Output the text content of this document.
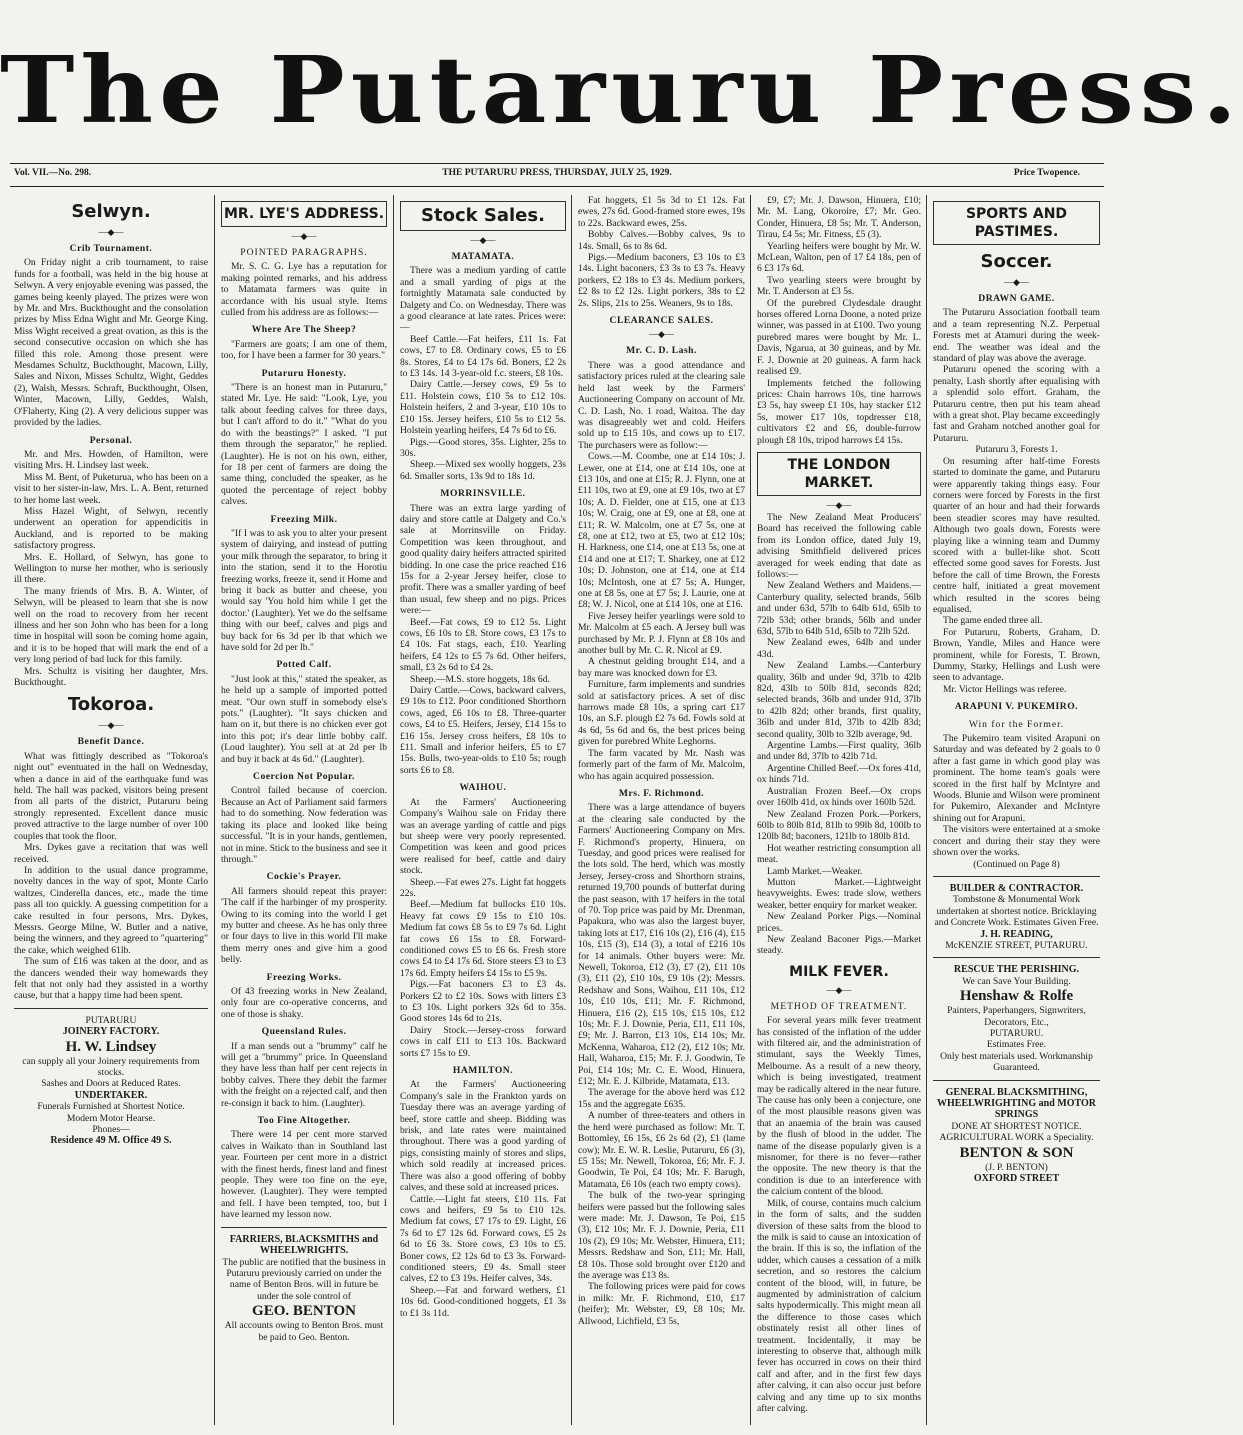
The Putaruru Press.
Vol. VII.—No. 298.	THE PUTARURU PRESS, THURSDAY, JULY 25, 1929.	Price Twopence.
Selwyn.
—◆—
Crib Tournament.

On Friday night a crib tournament, to raise funds for a football, was held in the big house at Selwyn. A very enjoyable evening was passed, the games being keenly played. The prizes were won by Mr. and Mrs. Buckthought and the consolation prizes by Miss Edna Wight and Mr. George King. Miss Wight received a great ovation, as this is the second consecutive occasion on which she has filled this role. Among those present were Mesdames Schultz, Buckthought, Macown, Lilly, Sales and Nixon, Misses Schultz, Wight, Geddes (2), Walsh, Messrs. Schraft, Buckthought, Olsen, Winter, Macown, Lilly, Geddes, Walsh, O'Flaherty, King (2). A very delicious supper was provided by the ladies.

Personal.

Mr. and Mrs. Howden, of Hamilton, were visiting Mrs. H. Lindsey last week.

Miss M. Bent, of Puketurua, who has been on a visit to her sister-in-law, Mrs. L. A. Bent, returned to her home last week.

Miss Hazel Wight, of Selwyn, recently underwent an operation for appendicitis in Auckland, and is reported to be making satisfactory progress.

Mrs. E. Hollard, of Selwyn, has gone to Wellington to nurse her mother, who is seriously ill there.

The many friends of Mrs. B. A. Winter, of Selwyn, will be pleased to learn that she is now well on the road to recovery from her recent illness and her son John who has been for a long time in hospital will soon be coming home again, and it is to be hoped that will mark the end of a very long period of bad luck for this family.

Mrs. Schultz is visiting her daughter, Mrs. Buckthought.

Tokoroa.
—◆—
Benefit Dance.

What was fittingly described as "Tokoroa's night out" eventuated in the hall on Wednesday, when a dance in aid of the earthquake fund was held. The hall was packed, visitors being present from all parts of the district, Putaruru being strongly represented. Excellent dance music proved attractive to the large number of over 100 couples that took the floor.

Mrs. Dykes gave a recitation that was well received.

In addition to the usual dance programme, novelty dances in the way of spot, Monte Carlo waltzes, Cinderella dances, etc., made the time pass all too quickly. A guessing competition for a cake resulted in four persons, Mrs. Dykes, Messrs. George Milne, W. Butler and a native, being the winners, and they agreed to "quartering" the cake, which weighed 61lb.

The sum of £16 was taken at the door, and as the dancers wended their way homewards they felt that not only had they assisted in a worthy cause, but that a happy time had been spent.

PUTARURU
JOINERY FACTORY.
H. W. Lindsey
can supply all your Joinery requirements from stocks.
Sashes and Doors at Reduced Rates.
UNDERTAKER.
Funerals Furnished at Shortest Notice.
Modern Motor Hearse.
Phones—
Residence 49 M. Office 49 S.
MR. LYE'S ADDRESS.
—◆—
POINTED PARAGRAPHS.

Mr. S. C. G. Lye has a reputation for making pointed remarks, and his address to Matamata farmers was quite in accordance with his usual style. Items culled from his address are as follows:—

Where Are The Sheep?

"Farmers are goats; I am one of them, too, for I have been a farmer for 30 years."

Putaruru Honesty.

"There is an honest man in Putaruru," stated Mr. Lye. He said: "Look, Lye, you talk about feeding calves for three days, but I can't afford to do it." "What do you do with the beastings?" I asked. "I put them through the separator," he replied. (Laughter). He is not on his own, either, for 18 per cent of farmers are doing the same thing, concluded the speaker, as he quoted the percentage of reject bobby calves.

Freezing Milk.

"If I was to ask you to alter your present system of dairying, and instead of putting your milk through the separator, to bring it into the station, send it to the Horotiu freezing works, freeze it, send it Home and bring it back as butter and cheese, you would say 'You hold him while I get the doctor.' (Laughter). Yet we do the selfsame thing with our beef, calves and pigs and buy back for 6s 3d per lb that which we have sold for 2d per lb."

Potted Calf.

"Just look at this," stated the speaker, as he held up a sample of imported potted meat. "Our own stuff in somebody else's pots." (Laughter). "It says chicken and ham on it, but there is no chicken ever got into this pot; it's dear little bobby calf. (Loud laughter). You sell at at 2d per lb and buy it back at 4s 6d." (Laughter).

Coercion Not Popular.

Control failed because of coercion. Because an Act of Parliament said farmers had to do something. Now federation was taking its place and looked like being successful. "It is in your hands, gentlemen, not in mine. Stick to the business and see it through."

Cockie's Prayer.

All farmers should repeat this prayer: 'The calf if the harbinger of my prosperity. Owing to its coming into the world I get my butter and cheese. As he has only three or four days to live in this world I'll make them merry ones and give him a good belly.

Freezing Works.

Of 43 freezing works in New Zealand, only four are co-operative concerns, and one of those is shaky.

Queensland Rules.

If a man sends out a "brummy" calf he will get a "brummy" price. In Queensland they have less than half per cent rejects in bobby calves. There they debit the farmer with the freight on a rejected calf, and then re-consign it back to him. (Laughter).

Too Fine Altogether.

There were 14 per cent more starved calves in Waikato than in Southland last year. Fourteen per cent more in a district with the finest herds, finest land and finest people. They were too fine on the eye, however. (Laughter). They were tempted and fell. I have been tempted, too, but I have learned my lesson now.

FARRIERS, BLACKSMITHS and WHEELWRIGHTS.

The public are notified that the business in Putaruru previously carried on under the name of Benton Bros. will in future be under the sole control of

GEO. BENTON
All accounts owing to Benton Bros. must be paid to Geo. Benton.
Stock Sales.
—◆—
MATAMATA.

There was a medium yarding of cattle and a small yarding of pigs at the fortnightly Matamata sale conducted by Dalgety and Co. on Wednesday. There was a good clearance at late rates. Prices were:—

Beef Cattle.—Fat heifers, £11 1s. Fat cows, £7 to £8. Ordinary cows, £5 to £6 8s. Stores, £4 to £4 17s 6d. Boners, £2 2s to £3 14s. 14 3-year-old f.c. steers, £8 10s.

Dairy Cattle.—Jersey cows, £9 5s to £11. Holstein cows, £10 5s to £12 10s. Holstein heifers, 2 and 3-year, £10 10s to £10 15s. Jersey heifers, £10 5s to £12 5s. Holstein yearling heifers, £4 7s 6d to £6.

Pigs.—Good stores, 35s. Lighter, 25s to 30s.

Sheep.—Mixed sex woolly hoggets, 23s 6d. Smaller sorts, 13s 9d to 18s 1d.

MORRINSVILLE.

There was an extra large yarding of dairy and store cattle at Dalgety and Co.'s sale at Morrinsville on Friday. Competition was keen throughout, and good quality dairy heifers attracted spirited bidding. In one case the price reached £16 15s for a 2-year Jersey heifer, close to profit. There was a smaller yarding of beef than usual, few sheep and no pigs. Prices were:—

Beef.—Fat cows, £9 to £12 5s. Light cows, £6 10s to £8. Store cows, £3 17s to £4 10s. Fat stags, each, £10. Yearling heifers, £4 12s to £5 7s 6d. Other heifers, small, £3 2s 6d to £4 2s.

Sheep.—M.S. store hoggets, 18s 6d.

Dairy Cattle.—Cows, backward calvers, £9 10s to £12. Poor conditioned Shorthorn cows, aged, £6 10s to £8. Three-quarter cows, £4 to £5. Heifers, Jersey, £14 15s to £16 15s. Jersey cross heifers, £8 10s to £11. Small and inferior heifers, £5 to £7 15s. Bulls, two-year-olds to £10 5s; rough sorts £6 to £8.

WAIHOU.

At the Farmers' Auctioneering Company's Waihou sale on Friday there was an average yarding of cattle and pigs but sheep were very poorly represented. Competition was keen and good prices were realised for beef, cattle and dairy stock.

Sheep.—Fat ewes 27s. Light fat hoggets 22s.

Beef.—Medium fat bullocks £10 10s. Heavy fat cows £9 15s to £10 10s. Medium fat cows £8 5s to £9 7s 6d. Light fat cows £6 15s to £8. Forward-conditioned cows £5 to £6 6s. Fresh store cows £4 to £4 17s 6d. Store steers £3 to £3 17s 6d. Empty heifers £4 15s to £5 9s.

Pigs.—Fat baconers £3 to £3 4s. Porkers £2 to £2 10s. Sows with litters £3 to £3 10s. Light porkers 32s 6d to 35s. Good stores 14s 6d to 21s.

Dairy Stock.—Jersey-cross forward cows in calf £11 to £13 10s. Backward sorts £7 15s to £9.

HAMILTON.

At the Farmers' Auctioneering Company's sale in the Frankton yards on Tuesday there was an average yarding of beef, store cattle and sheep. Bidding was brisk, and late rates were maintained throughout. There was a good yarding of pigs, consisting mainly of stores and slips, which sold readily at increased prices. There was also a good offering of bobby calves, and these sold at increased prices.

Cattle.—Light fat steers, £10 11s. Fat cows and heifers, £9 5s to £10 12s. Medium fat cows, £7 17s to £9. Light, £6 7s 6d to £7 12s 6d. Forward cows, £5 2s 6d to £6 3s. Store cows, £3 10s to £5. Boner cows, £2 12s 6d to £3 3s. Forward-conditioned steers, £9 4s. Small steer calves, £2 to £3 19s. Heifer calves, 34s.

Sheep.—Fat and forward wethers, £1 10s 6d. Good-conditioned hoggets, £1 3s to £1 3s 11d.

Fat hoggets, £1 5s 3d to £1 12s. Fat ewes, 27s 6d. Good-framed store ewes, 19s to 22s. Backward ewes, 25s.

Bobby Calves.—Bobby calves, 9s to 14s. Small, 6s to 8s 6d.

Pigs.—Medium baconers, £3 10s to £3 14s. Light baconers, £3 3s to £3 7s. Heavy porkers, £2 18s to £3 4s. Medium porkers, £2 8s to £2 12s. Light porkers, 38s to £2 2s. Slips, 21s to 25s. Weaners, 9s to 18s.

CLEARANCE SALES.
—◆—
Mr. C. D. Lash.

There was a good attendance and satisfactory prices ruled at the clearing sale held last week by the Farmers' Auctioneering Company on account of Mr. C. D. Lash, No. 1 road, Waitoa. The day was disagreeably wet and cold. Heifers sold up to £15 10s, and cows up to £17. The purchasers were as follow:—

Cows.—M. Coombe, one at £14 10s; J. Lewer, one at £14, one at £14 10s, one at £13 10s, and one at £15; R. J. Flynn, one at £11 10s, two at £9, one at £9 10s, two at £7 10s; A. D. Fielder, one at £15, one at £13 10s; W. Craig, one at £9, one at £8, one at £11; R. W. Malcolm, one at £7 5s, one at £8, one at £12, two at £5, two at £12 10s; H. Harkness, one £14, one at £13 5s, one at £14 and one at £17; T. Sharkey, one at £12 10s; D. Johnston, one at £14, one at £14 10s; McIntosh, one at £7 5s; A. Hunger, one at £8 5s, one at £7 5s; J. Laurie, one at £8; W. J. Nicol, one at £14 10s, one at £16.

Five Jersey heifer yearlings were sold to Mr. Malcolm at £5 each. A Jersey bull was purchased by Mr. P. J. Flynn at £8 10s and another bull by Mr. C. R. Nicol at £9.

A chestnut gelding brought £14, and a bay mare was knocked down for £3.

Furniture, farm implements and sundries sold at satisfactory prices. A set of disc harrows made £8 10s, a spring cart £17 10s, an S.F. plough £2 7s 6d. Fowls sold at 4s 6d, 5s 6d and 6s, the best prices being given for purebred White Leghorns.

The farm vacated by Mr. Nash was formerly part of the farm of Mr. Malcolm, who has again acquired possession.

Mrs. F. Richmond.

There was a large attendance of buyers at the clearing sale conducted by the Farmers' Auctioneering Company on Mrs. F. Richmond's property, Hinuera, on Tuesday, and good prices were realised for the lots sold. The herd, which was mostly Jersey, Jersey-cross and Shorthorn strains, returned 19,700 pounds of butterfat during the past season, with 17 heifers in the total of 70. Top price was paid by Mr. Drenman, Papakura, who was also the largest buyer, taking lots at £17, £16 10s (2), £16 (4), £15 10s, £15 (3), £14 (3), a total of £216 10s for 14 animals. Other buyers were: Mr. Newell, Tokoroa, £12 (3), £7 (2), £11 10s (3), £11 (2), £10 10s, £9 10s (2); Messrs. Redshaw and Sons, Waihou, £11 10s, £12 10s, £10 10s, £11; Mr. F. Richmond, Hinuera, £16 (2), £15 10s, £15 10s, £12 10s; Mr. F. J. Downie, Peria, £11, £11 10s, £9; Mr. J. Barron, £13 10s, £14 10s; Mr. McKenna, Waharoa, £12 (2), £12 10s; Mr. Hall, Waharoa, £15; Mr. F. J. Goodwin, Te Poi, £14 10s; Mr. C. E. Wood, Hinuera, £12; Mr. E. J. Kilbride, Matamata, £13.

The average for the above herd was £12 15s and the aggregate £635.

A number of three-teaters and others in the herd were purchased as follow: Mr. T. Bottomley, £6 15s, £6 2s 6d (2), £1 (lame cow); Mr. E. W. R. Leslie, Putaruru, £6 (3), £5 15s; Mr. Newell, Tokoroa, £6; Mr. F. J. Goodwin, Te Poi, £4 10s; Mr. F. Barugh, Matamata, £6 10s (each two empty cows).

The bulk of the two-year springing heifers were passed but the following sales were made: Mr. J. Dawson, Te Poi, £15 (3), £12 10s; Mr. F. J. Downie, Peria, £11 10s (2), £9 10s; Mr. Webster, Hinuera, £11; Messrs. Redshaw and Son, £11; Mr. Hall, £8 10s. Those sold brought over £120 and the average was £13 8s.

The following prices were paid for cows in milk: Mr. F. Richmond, £10, £17 (heifer); Mr. Webster, £9, £8 10s; Mr. Allwood, Lichfield, £3 5s,

£9, £7; Mr. J. Dawson, Hinuera, £10; Mr. M. Lang, Okoroire, £7; Mr. Geo. Conder, Hinuera, £8 5s; Mr. T. Anderson, Tirau, £4 5s; Mr. Fitness, £5 (3).

Yearling heifers were bought by Mr. W. McLean, Walton, pen of 17 £4 18s, pen of 6 £3 17s 6d.

Two yearling steers were brought by Mr. T. Anderson at £3 5s.

Of the purebred Clydesdale draught horses offered Lorna Doone, a noted prize winner, was passed in at £100. Two young purebred mares were bought by Mr. L. Davis, Ngarua, at 30 guineas, and by Mr. F. J. Downie at 20 guineas. A farm hack realised £9.

Implements fetched the following prices: Chain harrows 10s, tine harrows £3 5s, hay sweep £1 10s, hay stacker £12 5s, mower £17 10s, topdresser £18, cultivators £2 and £6, double-furrow plough £8 10s, tripod harrows £4 15s.

THE LONDON MARKET.
—◆—

The New Zealand Meat Producers' Board has received the following cable from its London office, dated July 19, advising Smithfield delivered prices averaged for week ending that date as follows:—

New Zealand Wethers and Maidens.—Canterbury quality, selected brands, 56lb and under 63d, 57lb to 64lb 61d, 65lb to 72lb 53d; other brands, 56lb and under 63d, 57lb to 64lb 51d, 65lb to 72lb 52d.

New Zealand ewes, 64lb and under 43d.

New Zealand Lambs.—Canterbury quality, 36lb and under 9d, 37lb to 42lb 82d, 43lb to 50lb 81d, seconds 82d; selected brands, 36lb and under 91d, 37lb to 42lb 82d; other brands, first quality, 36lb and under 81d, 37lb to 42lb 83d; second quality, 30lb to 32lb average, 9d.

Argentine Lambs.—First quality, 36lb and under 8d, 37lb to 42lb 71d.

Argentine Chilled Beef.—Ox fores 41d, ox hinds 71d.

Australian Frozen Beef.—Ox crops over 160lb 41d, ox hinds over 160lb 52d.

New Zealand Frozen Pork.—Porkers, 60lb to 80lb 81d, 81lb to 99lb 8d, 100lb to 120lb 8d; baconers, 121lb to 180lb 81d.

Hot weather restricting consumption all meat.

Lamb Market.—Weaker.

Mutton Market.—Lightweight heavyweights. Ewes: trade slow, wethers weaker, better enquiry for market weaker.

New Zealand Porker Pigs.—Nominal prices.

New Zealand Baconer Pigs.—Market steady.

MILK FEVER.
—◆—
METHOD OF TREATMENT.

For several years milk fever treatment has consisted of the inflation of the udder with filtered air, and the administration of stimulant, says the Weekly Times, Melbourne. As a result of a new theory, which is being investigated, treatment may be radically altered in the near future. The cause has only been a conjecture, one of the most plausible reasons given was that an anaemia of the brain was caused by the flush of blood in the udder. The name of the disease popularly given is a misnomer, for there is no fever—rather the opposite. The new theory is that the condition is due to an interference with the calcium content of the blood.

Milk, of course, contains much calcium in the form of salts, and the sudden diversion of these salts from the blood to the milk is said to cause an intoxication of the brain. If this is so, the inflation of the udder, which causes a cessation of a milk secretion, and so restores the calcium content of the blood, will, in future, be augmented by administration of calcium salts hypodermically. This might mean all the difference to those cases which obstinately resist all other lines of treatment. Incidentally, it may be interesting to observe that, although milk fever has occurred in cows on their third calf and after, and in the first few days after calving, it can also occur just before calving and any time up to six months after calving.

SPORTS AND PASTIMES.
Soccer.
—◆—
DRAWN GAME.

The Putaruru Association football team and a team representing N.Z. Perpetual Forests met at Atamuri during the week-end. The weather was ideal and the standard of play was above the average.

Putaruru opened the scoring with a penalty, Lash shortly after equalising with a splendid solo effort. Graham, the Putaruru centre, then put his team ahead with a great shot. Play became exceedingly fast and Graham notched another goal for Putaruru.

Putaruru 3, Forests 1.

On resuming after half-time Forests started to dominate the game, and Putaruru were apparently taking things easy. Four corners were forced by Forests in the first quarter of an hour and had their forwards been steadier scores may have resulted. Although two goals down, Forests were playing like a winning team and Dummy scored with a bullet-like shot. Scott effected some good saves for Forests. Just before the call of time Brown, the Forests centre half, initiated a great movement which resulted in the scores being equalised.

The game ended three all.

For Putaruru, Roberts, Graham, D. Brown, Yandle, Miles and Hance were prominent, while for Forests, T. Brown, Dummy, Starky, Hellings and Lush were seen to advantage.

Mr. Victor Hellings was referee.

ARAPUNI V. PUKEMIRO.
Win for the Former.

The Pukemiro team visited Arapuni on Saturday and was defeated by 2 goals to 0 after a fast game in which good play was prominent. The home team's goals were scored in the first half by McIntyre and Woods. Blunie and Wilson were prominent for Pukemiro, Alexander and McIntyre shining out for Arapuni.

The visitors were entertained at a smoke concert and during their stay they were shown over the works.

(Continued on Page 8)

BUILDER & CONTRACTOR.
Tombstone & Monumental Work undertaken at shortest notice. Bricklaying and Concrete Work. Estimates Given Free.
J. H. READING,
McKENZIE STREET, PUTARURU.
RESCUE THE PERISHING.
We can Save Your Building.
Henshaw & Rolfe
Painters, Paperhangers, Signwriters, Decorators, Etc.,
PUTARURU.
Estimates Free.
Only best materials used. Workmanship Guaranteed.
GENERAL BLACKSMITHING, WHEELWRIGHTING and MOTOR SPRINGS
DONE AT SHORTEST NOTICE. AGRICULTURAL WORK a Speciality.
BENTON & SON
(J. P. BENTON)
OXFORD STREET
